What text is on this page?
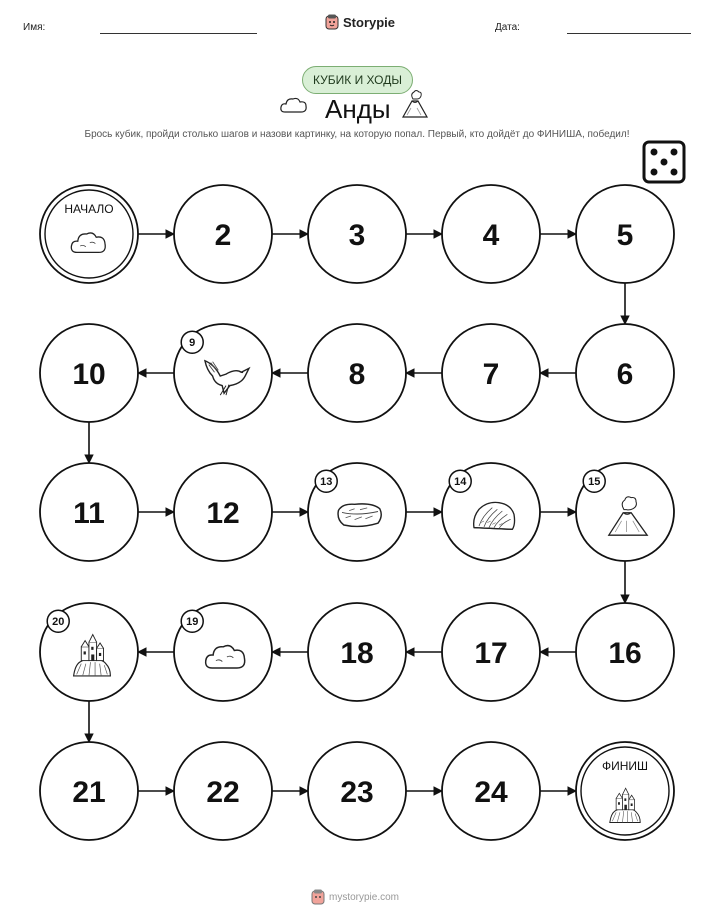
Имя:	Storypie	Дата:
КУБИК И ХОДЫ
Анды
Брось кубик, пройди столько шагов и назови картинку, на которую попал. Первый, кто дойдёт до ФИНИША, победил!
НАЧАЛО
2	3	4	5
6
7
8
9
10
11	12
13	14	15
16
17
18
19
20
21	22	23	24
ФИНИШ
mystorypie.com
